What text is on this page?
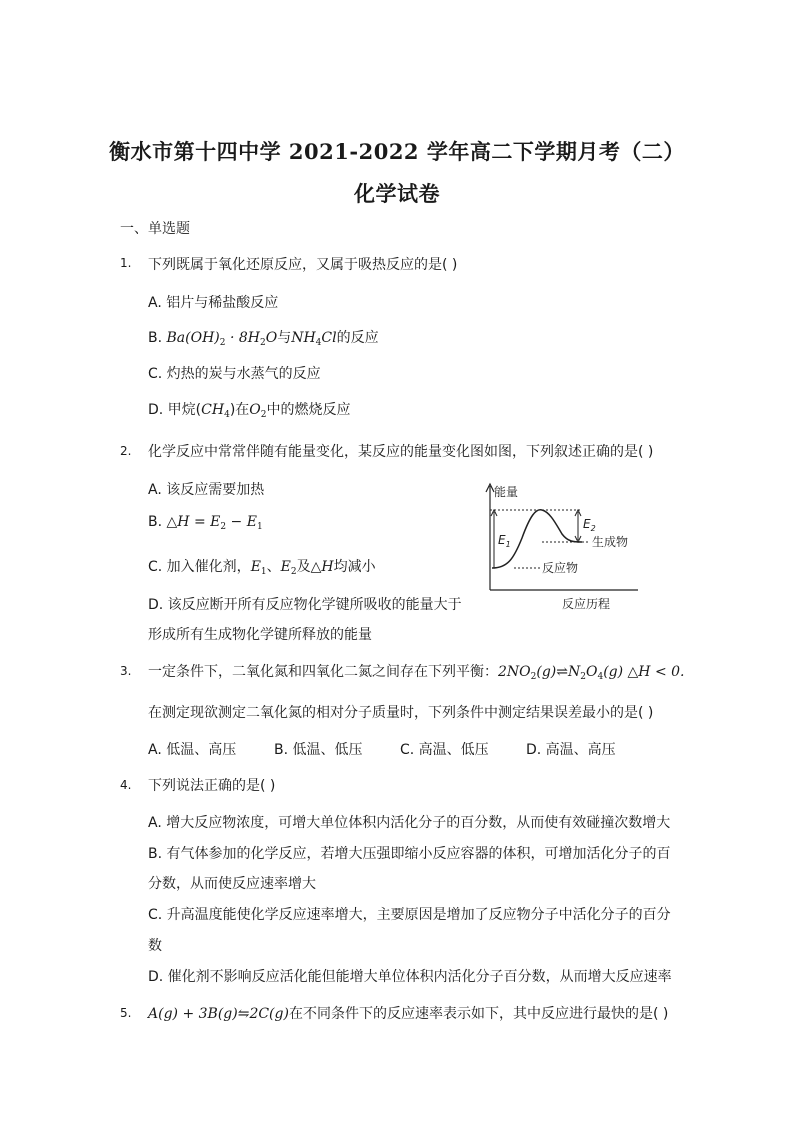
衡水市第十四中学 2021-2022 学年高二下学期月考（二）
化学试卷

一、单选题

1. 下列既属于氧化还原反应，又属于吸热反应的是( )

A. 铝片与稀盐酸反应

B. $Ba(OH)_2 \cdot 8H_2O$与$NH_4Cl$的反应

C. 灼热的炭与水蒸气的反应

D. 甲烷$(CH_4)$在$O_2$中的燃烧反应

2. 化学反应中常常伴随有能量变化，某反应的能量变化图如图，下列叙述正确的是( )

A. 该反应需要加热

B. △H = $E_2 - E_1$

C. 加入催化剂，$E_1$、$E_2$及△H均减小

D. 该反应断开所有反应物化学键所吸收的能量大于

形成所有生成物化学键所释放的能量

能量
反应历程
$E_1$
$E_2$
生成物
反应物
3. 一定条件下，二氧化氮和四氧化二氮之间存在下列平衡：$2NO_2(g)\rightleftharpoons N_2O_4(g)$ △H < 0.

在测定现欲测定二氧化氮的相对分子质量时，下列条件中测定结果误差最小的是( )

A. 低温、高压	B. 低温、低压	C. 高温、低压	D. 高温、高压

4. 下列说法正确的是( )

A. 增大反应物浓度，可增大单位体积内活化分子的百分数，从而使有效碰撞次数增大

B. 有气体参加的化学反应，若增大压强即缩小反应容器的体积，可增加活化分子的百

分数，从而使反应速率增大

C. 升高温度能使化学反应速率增大，主要原因是增加了反应物分子中活化分子的百分

数

D. 催化剂不影响反应活化能但能增大单位体积内活化分子百分数，从而增大反应速率

5. A(g) + 3B(g)⇋2C(g)在不同条件下的反应速率表示如下，其中反应进行最快的是( )
